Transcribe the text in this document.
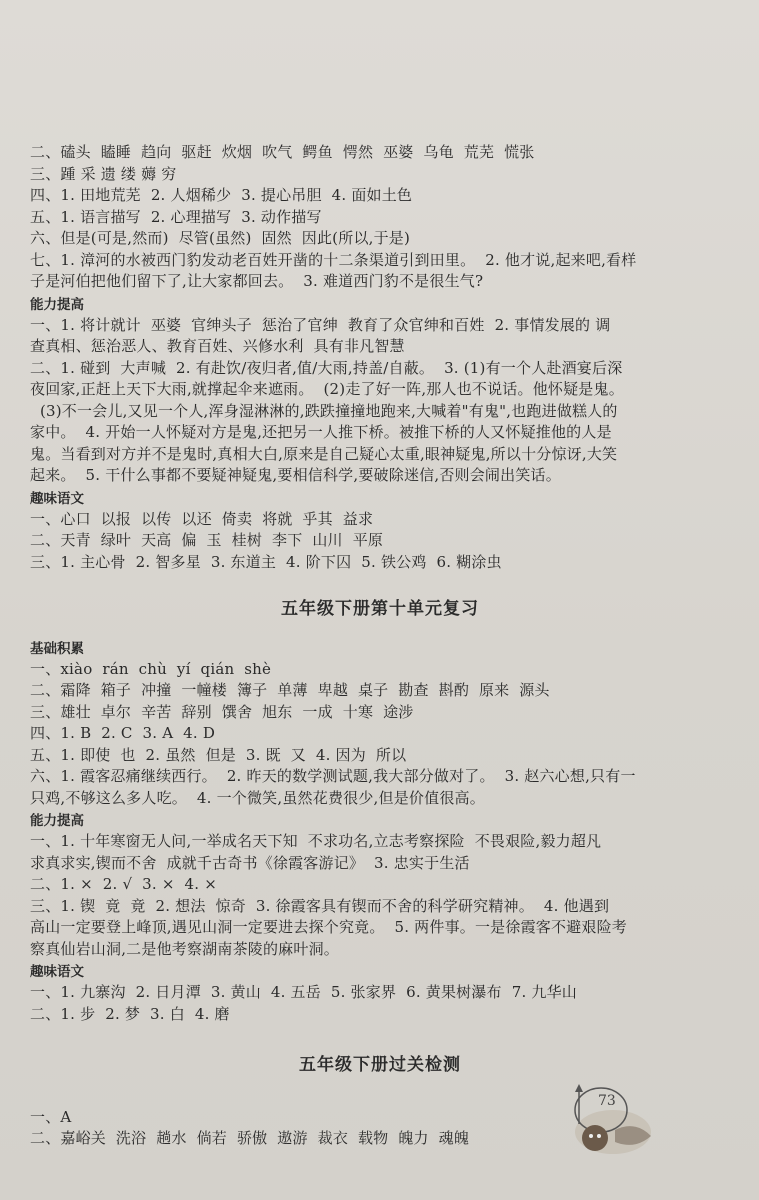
二、磕头  瞌睡  趋向  驱赶  炊烟  吹气  鳄鱼  愕然  巫婆  乌龟  荒芜  慌张
三、踵 采 遗 缕 薅 穷
四、1. 田地荒芜  2. 人烟稀少  3. 提心吊胆  4. 面如土色
五、1. 语言描写  2. 心理描写  3. 动作描写
六、但是(可是,然而)  尽管(虽然)  固然  因此(所以,于是)
七、1. 漳河的水被西门豹发动老百姓开凿的十二条渠道引到田里。  2. 他才说,起来吧,看样
子是河伯把他们留下了,让大家都回去。  3. 难道西门豹不是很生气?
能力提高
一、1. 将计就计  巫婆  官绅头子  惩治了官绅  教育了众官绅和百姓  2. 事情发展的 调
查真相、惩治恶人、教育百姓、兴修水利  具有非凡智慧
二、1. 碰到  大声喊  2. 有赴饮/夜归者,值/大雨,持盖/自蔽。  3. (1)有一个人赴酒宴后深
夜回家,正赶上天下大雨,就撑起伞来遮雨。  (2)走了好一阵,那人也不说话。他怀疑是鬼。
(3)不一会儿,又见一个人,浑身湿淋淋的,跌跌撞撞地跑来,大喊着"有鬼",也跑进做糕人的
家中。  4. 开始一人怀疑对方是鬼,还把另一人推下桥。被推下桥的人又怀疑推他的人是
鬼。当看到对方并不是鬼时,真相大白,原来是自己疑心太重,眼神疑鬼,所以十分惊讶,大笑
起来。  5. 干什么事都不要疑神疑鬼,要相信科学,要破除迷信,否则会闹出笑话。
趣味语文
一、心口  以报  以传  以还  倚卖  将就  乎其  益求
二、天青  绿叶  天高  偏  玉  桂树  李下  山川  平原
三、1. 主心骨  2. 智多星  3. 东道主  4. 阶下囚  5. 铁公鸡  6. 糊涂虫
五年级下册第十单元复习
基础积累
一、xiào  rán  chù  yí  qián  shè
二、霜降  箱子  冲撞  一幢楼  簿子  单薄  卑越  桌子  勘查  斟酌  原来  源头
三、雄壮  卓尔  辛苦  辞别  馔舍  旭东  一成  十寒  途涉
四、1. B  2. C  3. A  4. D
五、1. 即使  也  2. 虽然  但是  3. 既  又  4. 因为  所以
六、1. 霞客忍痛继续西行。  2. 昨天的数学测试题,我大部分做对了。  3. 赵六心想,只有一
只鸡,不够这么多人吃。  4. 一个微笑,虽然花费很少,但是价值很高。
能力提高
一、1. 十年寒窗无人问,一举成名天下知  不求功名,立志考察探险  不畏艰险,毅力超凡
求真求实,锲而不舍  成就千古奇书《徐霞客游记》  3. 忠实于生活
二、1. ×  2. √  3. ×  4. ×
三、1. 锲  竟  竟  2. 想法  惊奇  3. 徐霞客具有锲而不舍的科学研究精神。  4. 他遇到
高山一定要登上峰顶,遇见山洞一定要进去探个究竟。  5. 两件事。一是徐霞客不避艰险考
察真仙岩山洞,二是他考察湖南茶陵的麻叶洞。
趣味语文
一、1. 九寨沟  2. 日月潭  3. 黄山  4. 五岳  5. 张家界  6. 黄果树瀑布  7. 九华山
二、1. 步  2. 梦  3. 白  4. 磨
五年级下册过关检测
一、A
二、嘉峪关  洗浴  趟水  倘若  骄傲  遨游  裁衣  载物  魄力  魂魄
73
